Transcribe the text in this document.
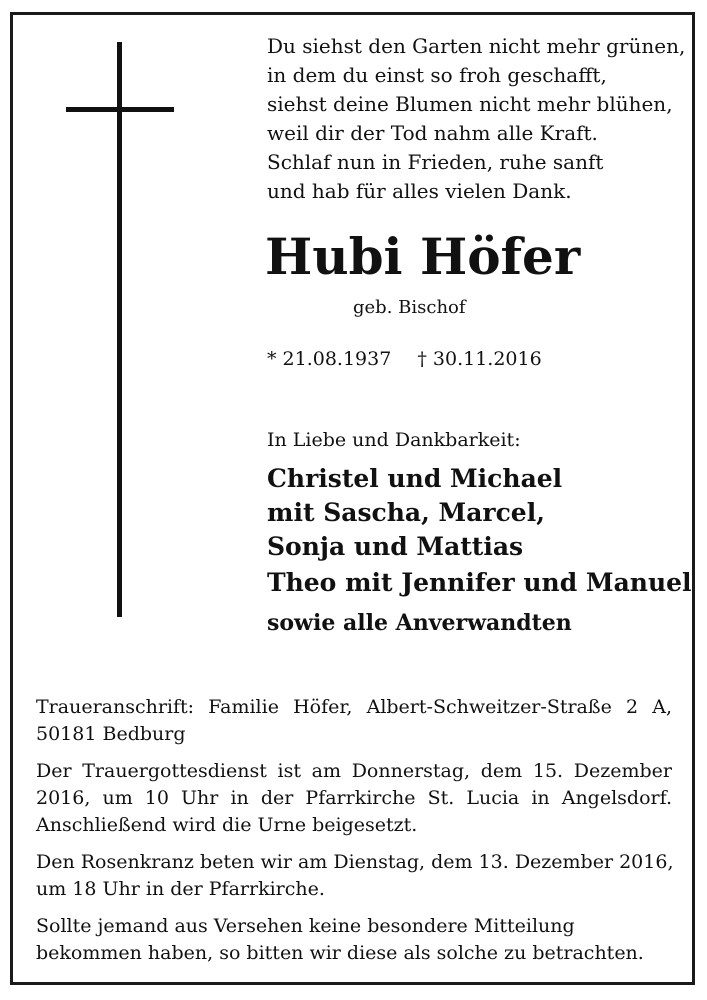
Du siehst den Garten nicht mehr grünen,
in dem du einst so froh geschafft,
siehst deine Blumen nicht mehr blühen,
weil dir der Tod nahm alle Kraft.
Schlaf nun in Frieden, ruhe sanft
und hab für alles vielen Dank.
Hubi Höfer
geb. Bischof
* 21.08.1937 † 30.11.2016
In Liebe und Dankbarkeit:
Christel und Michael
mit Sascha, Marcel,
Sonja und Mattias
Theo mit Jennifer und Manuel
sowie alle Anverwandten

Traueranschrift: Familie Höfer, Albert-Schweitzer-Straße 2 A,
50181 Bedburg

Der Trauergottesdienst ist am Donnerstag, dem 15. Dezember
2016, um 10 Uhr in der Pfarrkirche St. Lucia in Angelsdorf.
Anschließend wird die Urne beigesetzt.

Den Rosenkranz beten wir am Dienstag, dem 13. Dezember 2016,
um 18 Uhr in der Pfarrkirche.

Sollte jemand aus Versehen keine besondere Mitteilung
bekommen haben, so bitten wir diese als solche zu betrachten.
